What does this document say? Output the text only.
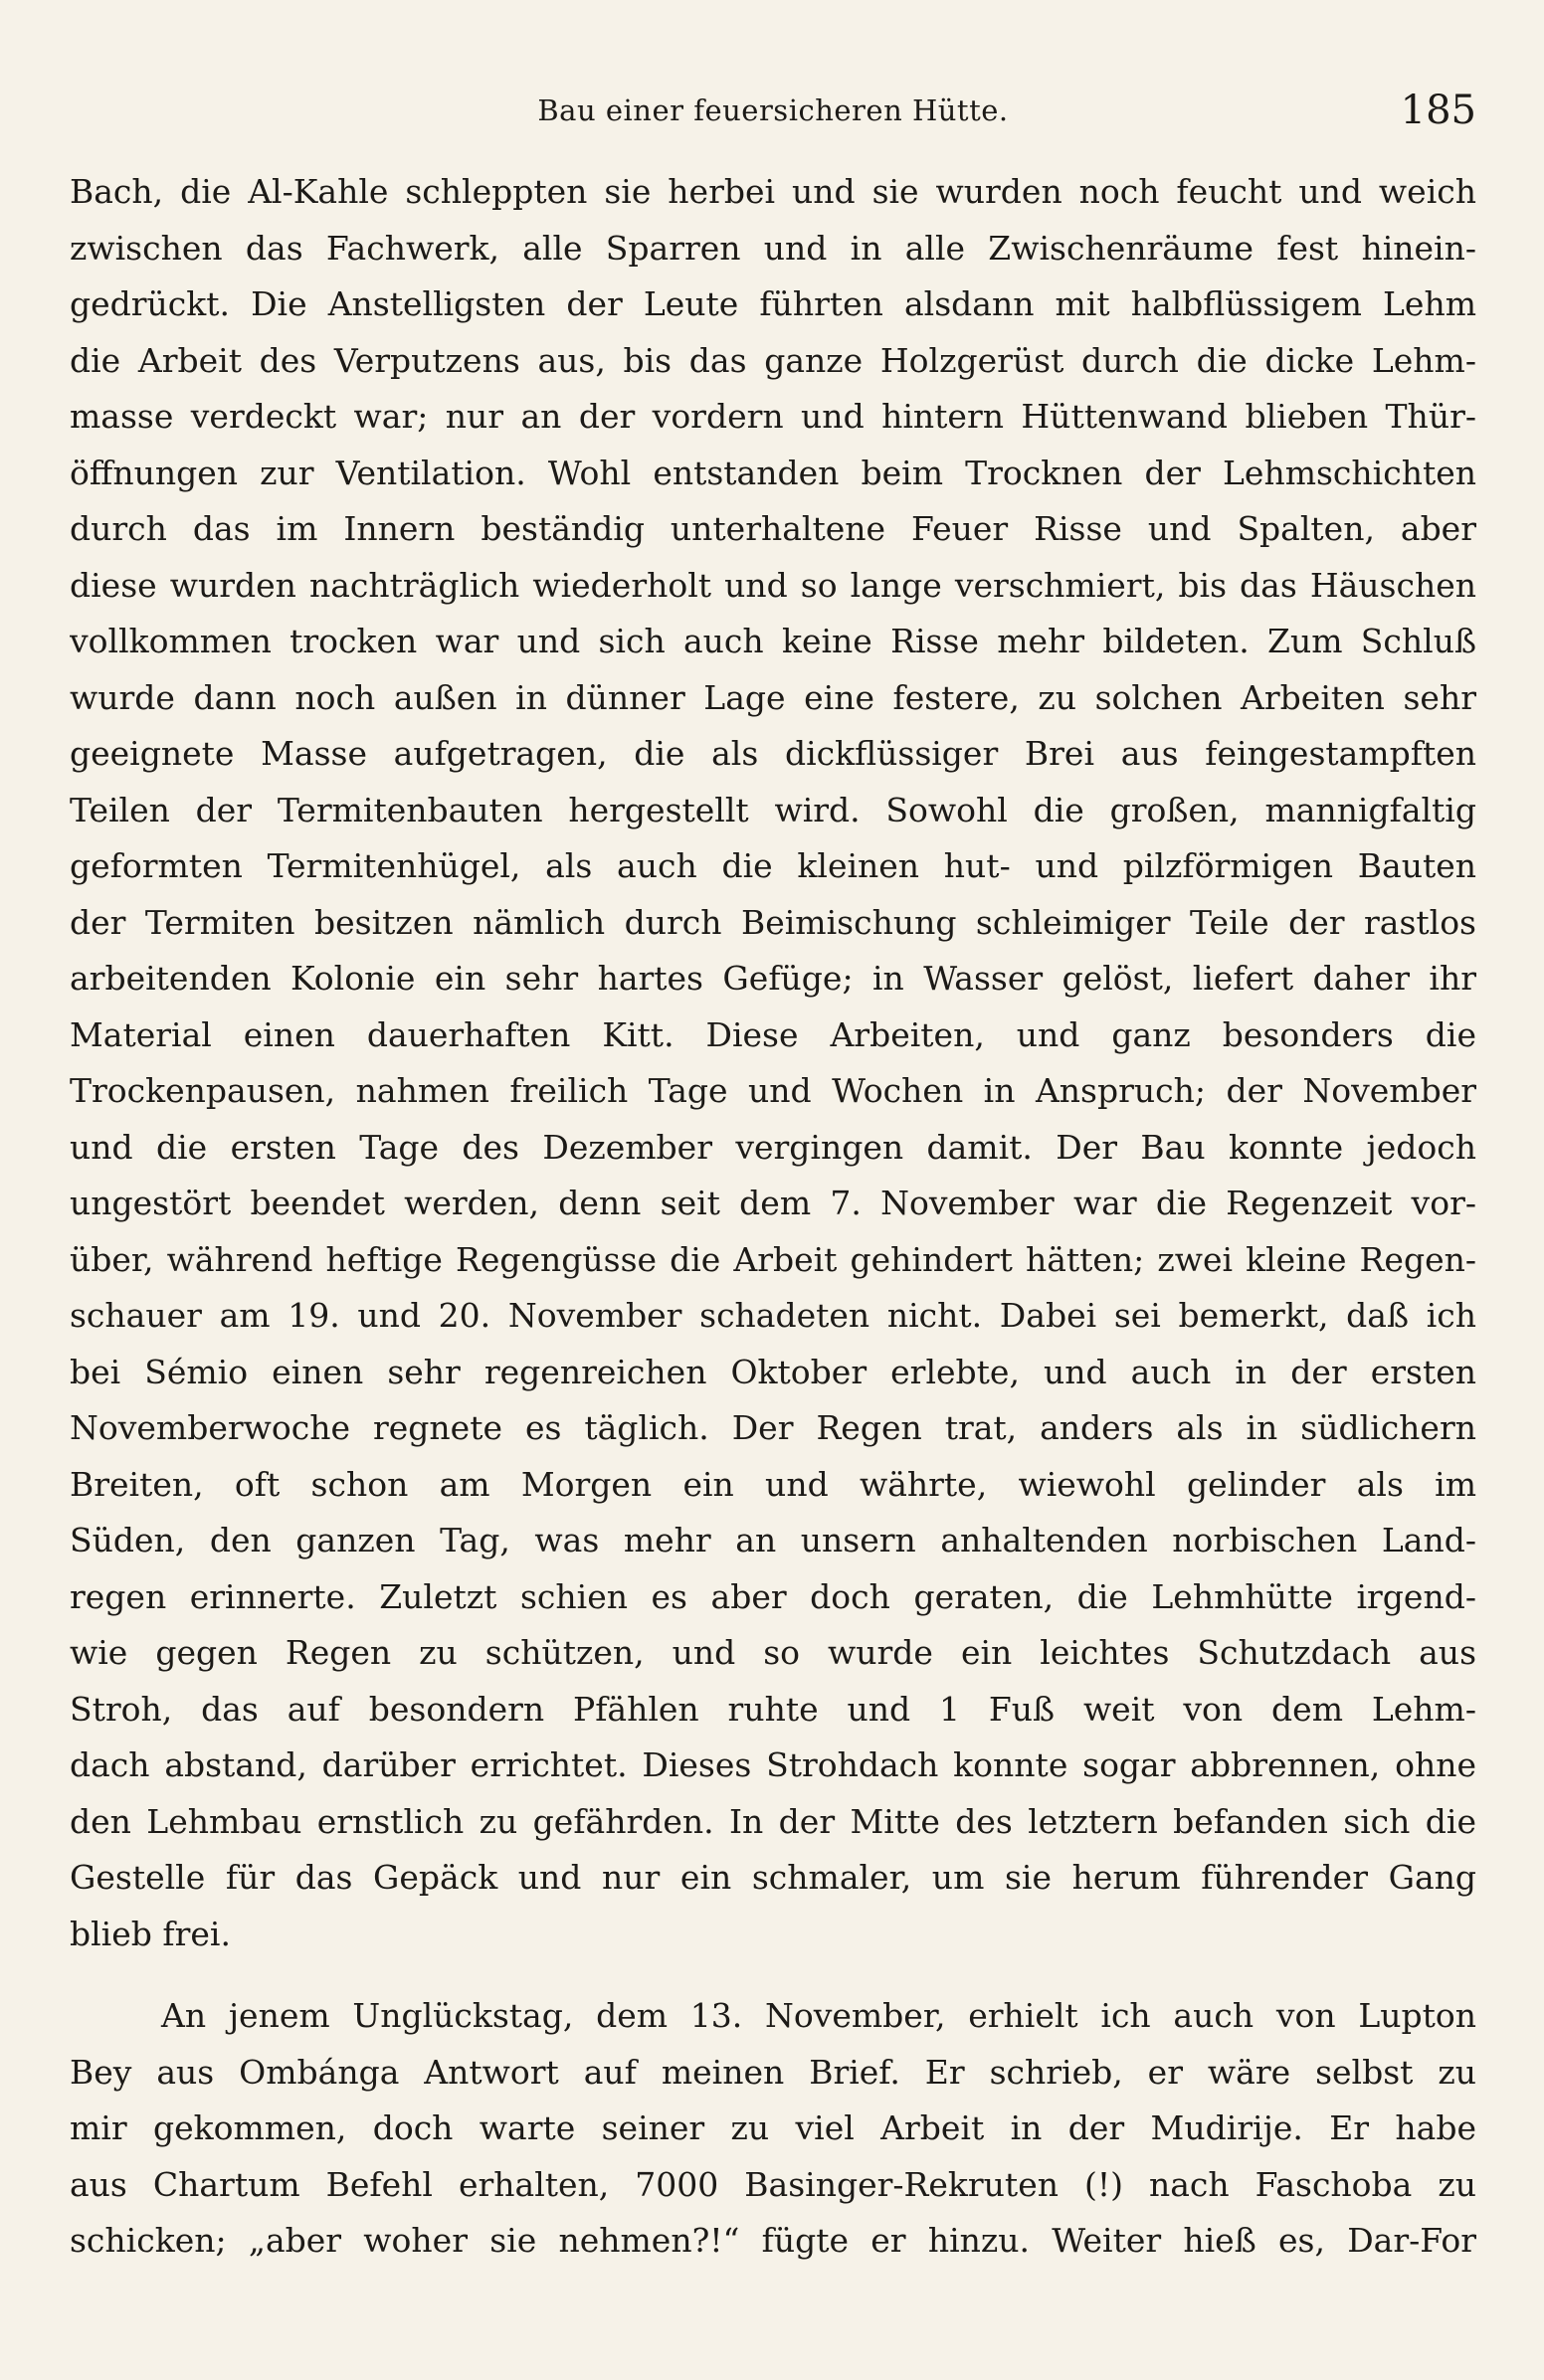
Bau einer feuersicheren Hütte.	185
Bach, die Al-Kahle schleppten sie herbei und sie wurden noch feucht und weich
zwischen das Fachwerk, alle Sparren und in alle Zwischenräume fest hinein-
gedrückt. Die Anstelligsten der Leute führten alsdann mit halbflüssigem Lehm
die Arbeit des Verputzens aus, bis das ganze Holzgerüst durch die dicke Lehm-
masse verdeckt war; nur an der vordern und hintern Hüttenwand blieben Thür-
öffnungen zur Ventilation. Wohl entstanden beim Trocknen der Lehmschichten
durch das im Innern beständig unterhaltene Feuer Risse und Spalten, aber
diese wurden nachträglich wiederholt und so lange verschmiert, bis das Häuschen
vollkommen trocken war und sich auch keine Risse mehr bildeten. Zum Schluß
wurde dann noch außen in dünner Lage eine festere, zu solchen Arbeiten sehr
geeignete Masse aufgetragen, die als dickflüssiger Brei aus feingestampften
Teilen der Termitenbauten hergestellt wird. Sowohl die großen, mannigfaltig
geformten Termitenhügel, als auch die kleinen hut- und pilzförmigen Bauten
der Termiten besitzen nämlich durch Beimischung schleimiger Teile der rastlos
arbeitenden Kolonie ein sehr hartes Gefüge; in Wasser gelöst, liefert daher ihr
Material einen dauerhaften Kitt. Diese Arbeiten, und ganz besonders die
Trockenpausen, nahmen freilich Tage und Wochen in Anspruch; der November
und die ersten Tage des Dezember vergingen damit. Der Bau konnte jedoch
ungestört beendet werden, denn seit dem 7. November war die Regenzeit vor-
über, während heftige Regengüsse die Arbeit gehindert hätten; zwei kleine Regen-
schauer am 19. und 20. November schadeten nicht. Dabei sei bemerkt, daß ich
bei Sémio einen sehr regenreichen Oktober erlebte, und auch in der ersten
Novemberwoche regnete es täglich. Der Regen trat, anders als in südlichern
Breiten, oft schon am Morgen ein und währte, wiewohl gelinder als im
Süden, den ganzen Tag, was mehr an unsern anhaltenden norbischen Land-
regen erinnerte. Zuletzt schien es aber doch geraten, die Lehmhütte irgend-
wie gegen Regen zu schützen, und so wurde ein leichtes Schutzdach aus
Stroh, das auf besondern Pfählen ruhte und 1 Fuß weit von dem Lehm-
dach abstand, darüber errichtet. Dieses Strohdach konnte sogar abbrennen, ohne
den Lehmbau ernstlich zu gefährden. In der Mitte des letztern befanden sich die
Gestelle für das Gepäck und nur ein schmaler, um sie herum führender Gang
blieb frei.
An jenem Unglückstag, dem 13. November, erhielt ich auch von Lupton
Bey aus Ombánga Antwort auf meinen Brief. Er schrieb, er wäre selbst zu
mir gekommen, doch warte seiner zu viel Arbeit in der Mudirije. Er habe
aus Chartum Befehl erhalten, 7000 Basinger-Rekruten (!) nach Faschoba zu
schicken; „aber woher sie nehmen?!“ fügte er hinzu. Weiter hieß es, Dar-For
